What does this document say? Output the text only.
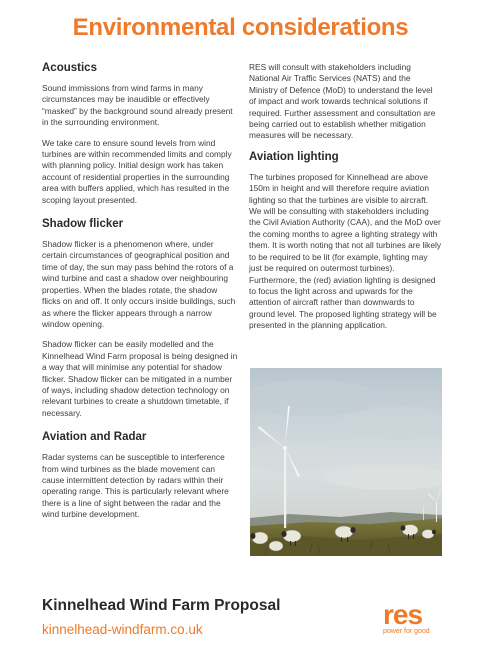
Environmental considerations
Acoustics

Sound immissions from wind farms in many circumstances may be inaudible or effectively “masked” by the background sound already present in the surrounding environment.

We take care to ensure sound levels from wind turbines are within recommended limits and comply with planning policy. Initial design work has taken account of residential properties in the surrounding area with buffers applied, which has resulted in the scoping layout presented.

Shadow flicker

Shadow flicker is a phenomenon where, under certain circumstances of geographical position and time of day, the sun may pass behind the rotors of a wind turbine and cast a shadow over neighbouring properties. When the blades rotate, the shadow flicks on and off. It only occurs inside buildings, such as where the flicker appears through a narrow window opening.

Shadow flicker can be easily modelled and the Kinnelhead Wind Farm proposal is being designed in a way that will minimise any potential for shadow flicker. Shadow flicker can be mitigated in a number of ways, including shadow detection technology on relevant turbines to create a shutdown timetable, if necessary.

Aviation and Radar

Radar systems can be susceptible to interference from wind turbines as the blade movement can cause intermittent detection by radars within their operating range. This is particularly relevant where there is a line of sight between the radar and the wind turbine development.

RES will consult with stakeholders including National Air Traffic Services (NATS) and the Ministry of Defence (MoD) to understand the level of impact and work towards technical solutions if required. Further assessment and consultation are being carried out to establish whether mitigation measures will be necessary.

Aviation lighting

The turbines proposed for Kinnelhead are above 150m in height and will therefore require aviation lighting so that the turbines are visible to aircraft. We will be consulting with stakeholders including the Civil Aviation Authority (CAA), and the MoD over the coming months to agree a lighting strategy with them. It is worth noting that not all turbines are likely to be required to be lit (for example, lighting may just be required on outermost turbines). Furthermore, the (red) aviation lighting is designed to focus the light across and upwards for the attention of aircraft rather than downwards to ground level. The proposed lighting strategy will be presented in the planning application.

Kinnelhead Wind Farm Proposal
kinnelhead-windfarm.co.uk	res
power for good
